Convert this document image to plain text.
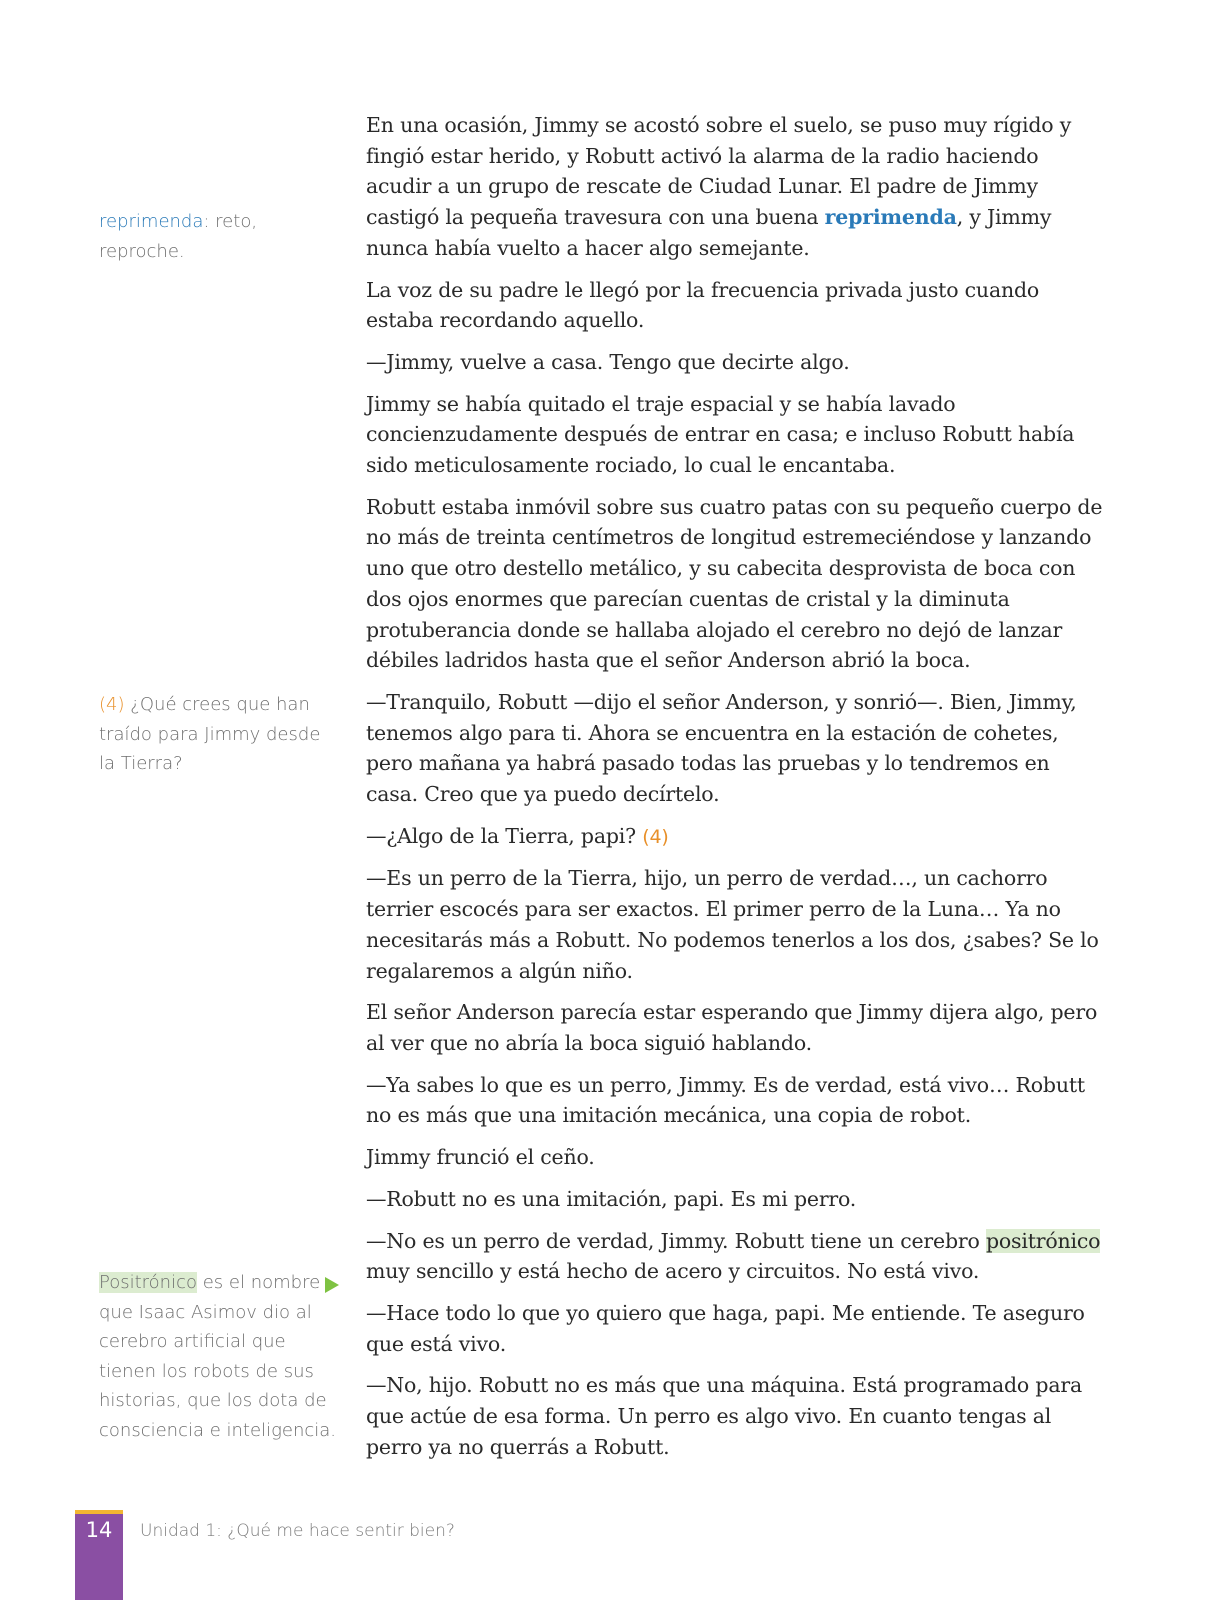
reprimenda: reto, reproche.
(4) ¿Qué crees que han traído para Jimmy desde la Tierra?
Positrónico es el nombre que Isaac Asimov dio al cerebro artificial que tienen los robots de sus historias, que los dota de consciencia e inteligencia.

En una ocasión, Jimmy se acostó sobre el suelo, se puso muy rígido y fingió estar herido, y Robutt activó la alarma de la radio haciendo acudir a un grupo de rescate de Ciudad Lunar. El padre de Jimmy castigó la pequeña travesura con una buena reprimenda, y Jimmy nunca había vuelto a hacer algo semejante.

La voz de su padre le llegó por la frecuencia privada justo cuando estaba recordando aquello.

—Jimmy, vuelve a casa. Tengo que decirte algo.

Jimmy se había quitado el traje espacial y se había lavado concienzudamente después de entrar en casa; e incluso Robutt había sido meticulosamente rociado, lo cual le encantaba.

Robutt estaba inmóvil sobre sus cuatro patas con su pequeño cuerpo de no más de treinta centímetros de longitud estremeciéndose y lanzando uno que otro destello metálico, y su cabecita desprovista de boca con dos ojos enormes que parecían cuentas de cristal y la diminuta protuberancia donde se hallaba alojado el cerebro no dejó de lanzar débiles ladridos hasta que el señor Anderson abrió la boca.

—Tranquilo, Robutt —dijo el señor Anderson, y sonrió—. Bien, Jimmy, tenemos algo para ti. Ahora se encuentra en la estación de cohetes, pero mañana ya habrá pasado todas las pruebas y lo tendremos en casa. Creo que ya puedo decírtelo.

—¿Algo de la Tierra, papi? (4)

—Es un perro de la Tierra, hijo, un perro de verdad…, un cachorro terrier escocés para ser exactos. El primer perro de la Luna… Ya no necesitarás más a Robutt. No podemos tenerlos a los dos, ¿sabes? Se lo regalaremos a algún niño.

El señor Anderson parecía estar esperando que Jimmy dijera algo, pero al ver que no abría la boca siguió hablando.

—Ya sabes lo que es un perro, Jimmy. Es de verdad, está vivo… Robutt no es más que una imitación mecánica, una copia de robot.

Jimmy frunció el ceño.

—Robutt no es una imitación, papi. Es mi perro.

—No es un perro de verdad, Jimmy. Robutt tiene un cerebro positrónico muy sencillo y está hecho de acero y circuitos. No está vivo.

—Hace todo lo que yo quiero que haga, papi. Me entiende. Te aseguro que está vivo.

—No, hijo. Robutt no es más que una máquina. Está programado para que actúe de esa forma. Un perro es algo vivo. En cuanto tengas al perro ya no querrás a Robutt.

14	Unidad 1: ¿Qué me hace sentir bien?
